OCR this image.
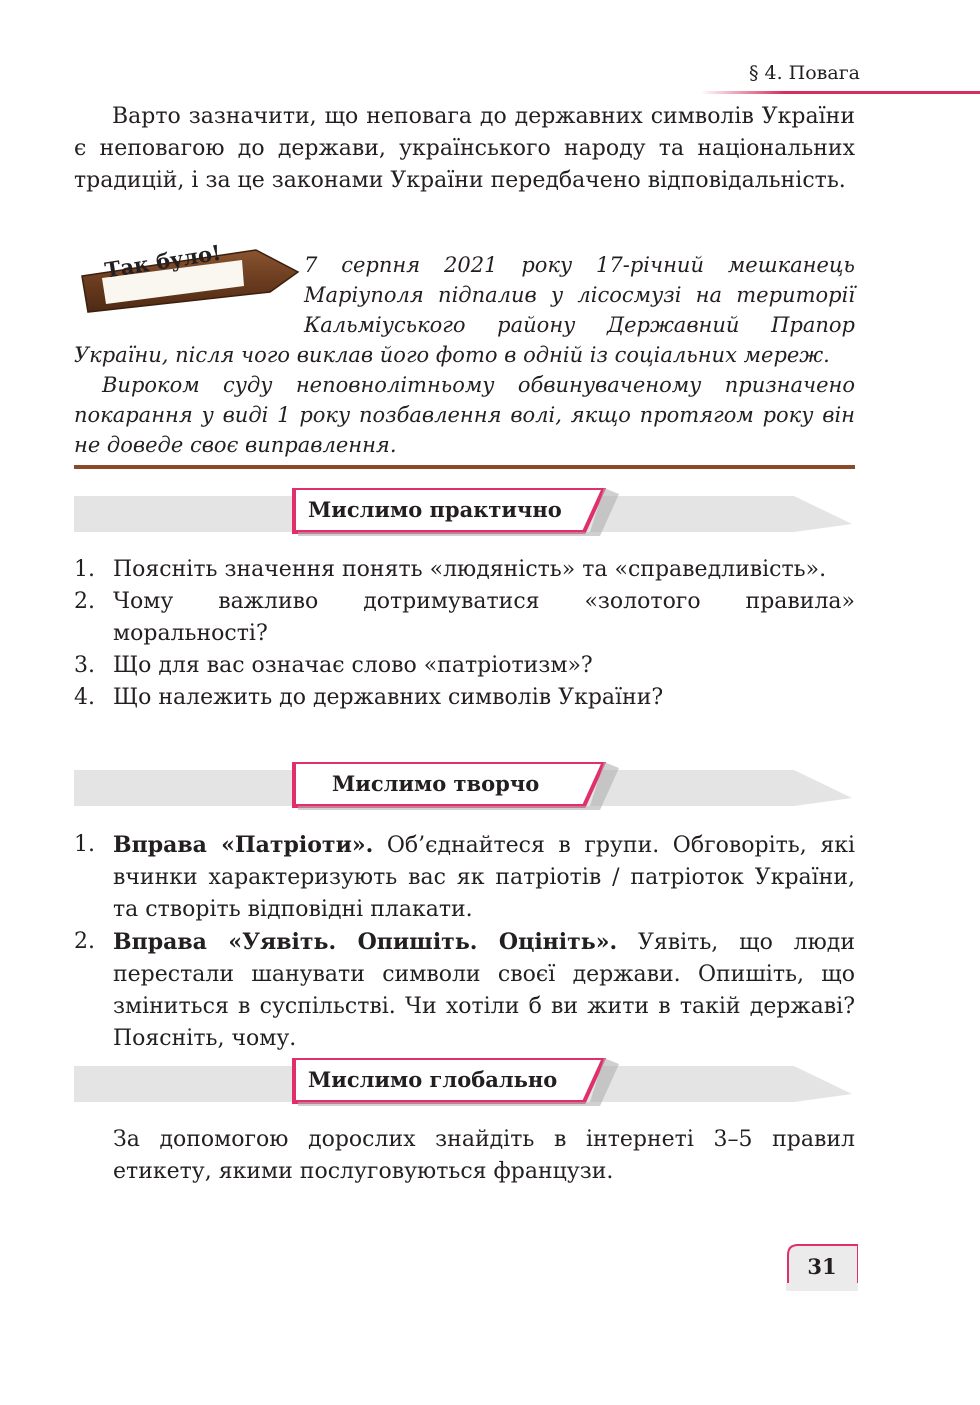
§ 4. Повага

Варто зазначити, що неповага до державних символів України є неповагою до держави, українського народу та національних традицій, і за це законами України передбачено відповідальність.

Так було!	7 серпня 2021 року 17-річний мешканець Маріуполя підпалив у лісосмузі на території Кальміуського району Державний Прапор України, після чого виклав його фото в одній із соціальних мереж.

Вироком суду неповнолітньому обвинуваченому призначено покарання у виді 1 року позбавлення волі, якщо протягом року він не доведе своє виправлення.

Мислимо практично
1. Поясніть значення понять «людяність» та «справедливість».
2. Чому важливо дотримуватися «золотого правила» моральності?
3. Що для вас означає слово «патріотизм»?
4. Що належить до державних символів України?
Мислимо творчо
1. Вправа «Патріоти». Об’єднайтеся в групи. Обговоріть, які вчинки характеризують вас як патріотів / патріоток України, та створіть відповідні плакати.
2. Вправа «Уявіть. Опишіть. Оцініть». Уявіть, що люди перестали шанувати символи своєї держави. Опишіть, що зміниться в суспільстві. Чи хотіли б ви жити в такій державі? Поясніть, чому.
Мислимо глобально

За допомогою дорослих знайдіть в інтернеті 3–5 правил етикету, якими послуговуються французи.

31
